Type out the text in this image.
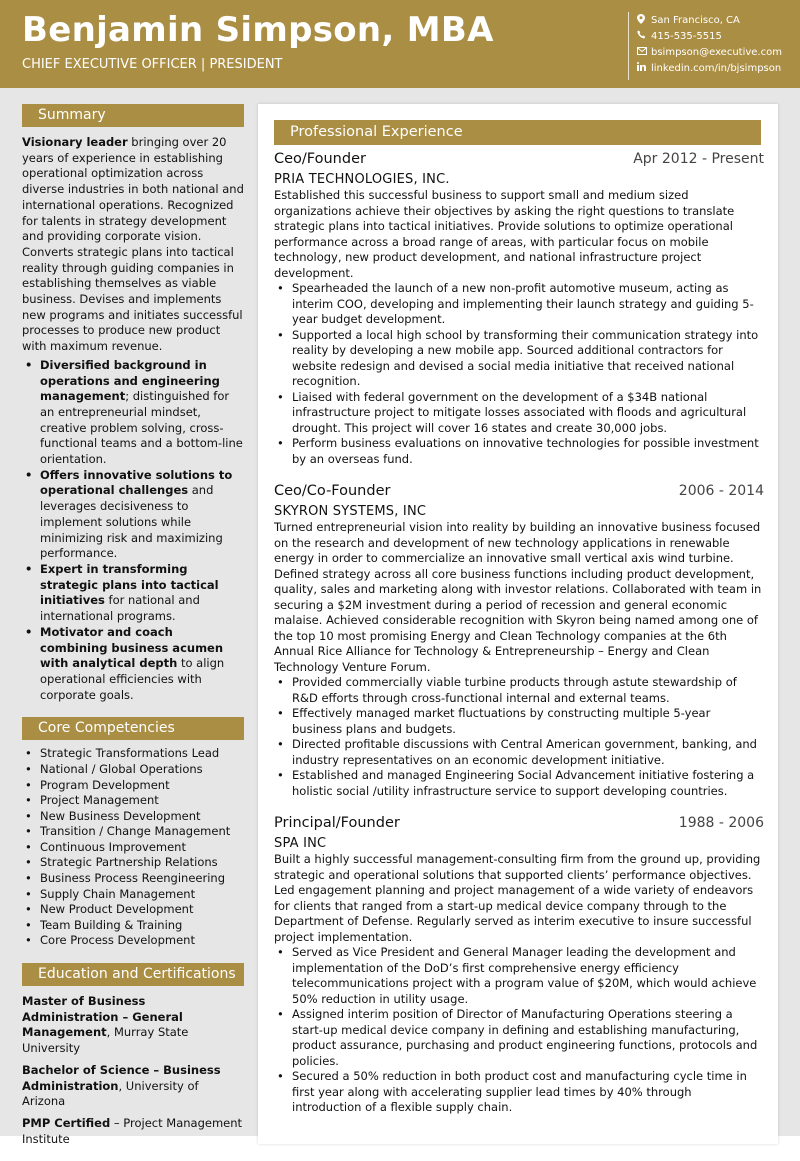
Benjamin Simpson, MBA
CHIEF EXECUTIVE OFFICER | PRESIDENT
San Francisco, CA
415-535-5515
bsimpson@executive.com
linkedin.com/in/bjsimpson
Summary
Visionary leader bringing over 20 years of experience in establishing operational optimization across diverse industries in both national and international operations. Recognized for talents in strategy development and providing corporate vision. Converts strategic plans into tactical reality through guiding companies in establishing themselves as viable business. Devises and implements new programs and initiates successful processes to produce new product with maximum revenue.
• Diversified background in operations and engineering management; distinguished for an entrepreneurial mindset, creative problem solving, cross-functional teams and a bottom-line orientation.
• Offers innovative solutions to operational challenges and leverages decisiveness to implement solutions while minimizing risk and maximizing performance.
• Expert in transforming strategic plans into tactical initiatives for national and international programs.
• Motivator and coach combining business acumen with analytical depth to align operational efficiencies with corporate goals.
Core Competencies
• Strategic Transformations Lead
• National / Global Operations
• Program Development
• Project Management
• New Business Development
• Transition / Change Management
• Continuous Improvement
• Strategic Partnership Relations
• Business Process Reengineering
• Supply Chain Management
• New Product Development
• Team Building & Training
• Core Process Development
Education and Certifications
Master of Business Administration – General Management, Murray State University
Bachelor of Science – Business Administration, University of Arizona
PMP Certified – Project Management Institute
Professional Experience
Ceo/Founder	Apr 2012 - Present
PRIA TECHNOLOGIES, INC.
Established this successful business to support small and medium sized organizations achieve their objectives by asking the right questions to translate strategic plans into tactical initiatives. Provide solutions to optimize operational performance across a broad range of areas, with particular focus on mobile technology, new product development, and national infrastructure project development.
• Spearheaded the launch of a new non-profit automotive museum, acting as interim COO, developing and implementing their launch strategy and guiding 5-year budget development.
• Supported a local high school by transforming their communication strategy into reality by developing a new mobile app. Sourced additional contractors for website redesign and devised a social media initiative that received national recognition.
• Liaised with federal government on the development of a $34B national infrastructure project to mitigate losses associated with floods and agricultural drought. This project will cover 16 states and create 30,000 jobs.
• Perform business evaluations on innovative technologies for possible investment by an overseas fund.
Ceo/Co-Founder	2006 - 2014
SKYRON SYSTEMS, INC
Turned entrepreneurial vision into reality by building an innovative business focused on the research and development of new technology applications in renewable energy in order to commercialize an innovative small vertical axis wind turbine. Defined strategy across all core business functions including product development, quality, sales and marketing along with investor relations. Collaborated with team in securing a $2M investment during a period of recession and general economic malaise. Achieved considerable recognition with Skyron being named among one of the top 10 most promising Energy and Clean Technology companies at the 6th Annual Rice Alliance for Technology & Entrepreneurship – Energy and Clean Technology Venture Forum.
• Provided commercially viable turbine products through astute stewardship of R&D efforts through cross-functional internal and external teams.
• Effectively managed market fluctuations by constructing multiple 5-year business plans and budgets.
• Directed profitable discussions with Central American government, banking, and industry representatives on an economic development initiative.
• Established and managed Engineering Social Advancement initiative fostering a holistic social /utility infrastructure service to support developing countries.
Principal/Founder	1988 - 2006
SPA INC
Built a highly successful management-consulting firm from the ground up, providing strategic and operational solutions that supported clients’ performance objectives. Led engagement planning and project management of a wide variety of endeavors for clients that ranged from a start-up medical device company through to the Department of Defense. Regularly served as interim executive to insure successful project implementation.
• Served as Vice President and General Manager leading the development and implementation of the DoD’s first comprehensive energy efficiency telecommunications project with a program value of $20M, which would achieve 50% reduction in utility usage.
• Assigned interim position of Director of Manufacturing Operations steering a start-up medical device company in defining and establishing manufacturing, product assurance, purchasing and product engineering functions, protocols and policies.
• Secured a 50% reduction in both product cost and manufacturing cycle time in first year along with accelerating supplier lead times by 40% through introduction of a flexible supply chain.
